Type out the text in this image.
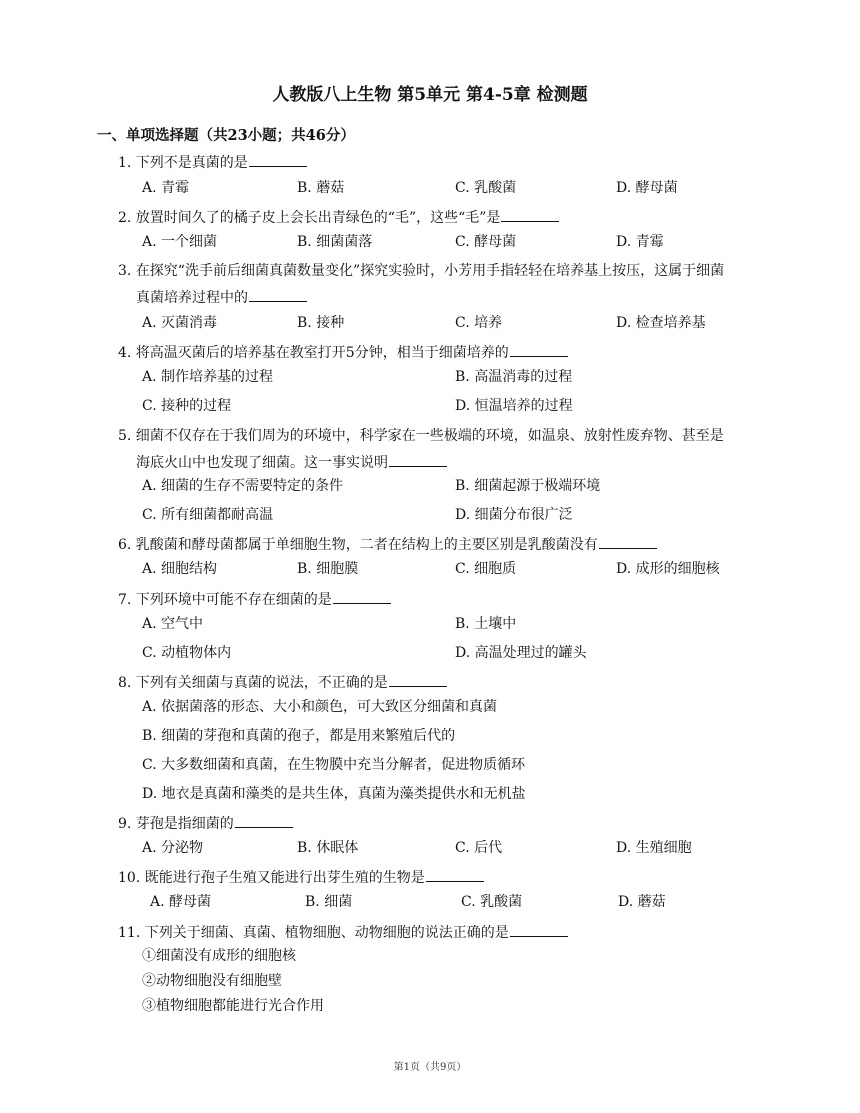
人教版八上生物 第5单元 第4-5章 检测题
一、单项选择题（共23小题；共46分）
1. 下列不是真菌的是
A. 青霉	B. 蘑菇	C. 乳酸菌	D. 酵母菌
2. 放置时间久了的橘子皮上会长出青绿色的“毛”，这些“毛”是
A. 一个细菌	B. 细菌菌落	C. 酵母菌	D. 青霉
3. 在探究“洗手前后细菌真菌数量变化”探究实验时，小芳用手指轻轻在培养基上按压，这属于细菌
真菌培养过程中的
A. 灭菌消毒	B. 接种	C. 培养	D. 检查培养基
4. 将高温灭菌后的培养基在教室打开5分钟，相当于细菌培养的
A. 制作培养基的过程	B. 高温消毒的过程
C. 接种的过程	D. 恒温培养的过程
5. 细菌不仅存在于我们周为的环境中，科学家在一些极端的环境，如温泉、放射性废弃物、甚至是
海底火山中也发现了细菌。这一事实说明
A. 细菌的生存不需要特定的条件	B. 细菌起源于极端环境
C. 所有细菌都耐高温	D. 细菌分布很广泛
6. 乳酸菌和酵母菌都属于单细胞生物，二者在结构上的主要区别是乳酸菌没有
A. 细胞结构	B. 细胞膜	C. 细胞质	D. 成形的细胞核
7. 下列环境中可能不存在细菌的是
A. 空气中	B. 土壤中
C. 动植物体内	D. 高温处理过的罐头
8. 下列有关细菌与真菌的说法，不正确的是
A. 依据菌落的形态、大小和颜色，可大致区分细菌和真菌
B. 细菌的芽孢和真菌的孢子，都是用来繁殖后代的
C. 大多数细菌和真菌，在生物膜中充当分解者，促进物质循环
D. 地衣是真菌和藻类的是共生体，真菌为藻类提供水和无机盐
9. 芽孢是指细菌的
A. 分泌物	B. 休眠体	C. 后代	D. 生殖细胞
10. 既能进行孢子生殖又能进行出芽生殖的生物是
A. 酵母菌	B. 细菌	C. 乳酸菌	D. 蘑菇
11. 下列关于细菌、真菌、植物细胞、动物细胞的说法正确的是
①细菌没有成形的细胞核
②动物细胞没有细胞壁
③植物细胞都能进行光合作用
第1页（共9页）
